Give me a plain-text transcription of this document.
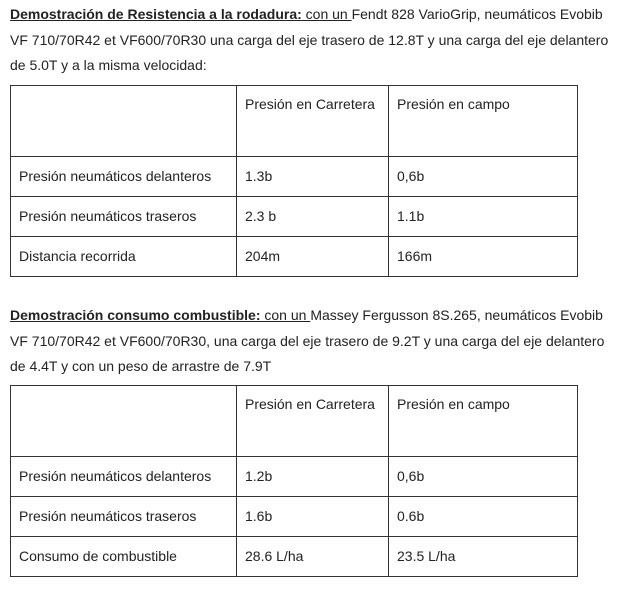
Demostración de Resistencia a la rodadura: con un Fendt 828 VarioGrip, neumáticos Evobib VF 710/70R42 et VF600/70R30 una carga del eje trasero de 12.8T y una carga del eje delantero de 5.0T y a la misma velocidad:

	Presión en Carretera	Presión en campo
Presión neumáticos delanteros	1.3b	0,6b
Presión neumáticos traseros	2.3 b	1.1b
Distancia recorrida	204m	166m

Demostración consumo combustible: con un Massey Fergusson 8S.265, neumáticos Evobib VF 710/70R42 et VF600/70R30, una carga del eje trasero de 9.2T y una carga del eje delantero de 4.4T y con un peso de arrastre de 7.9T

	Presión en Carretera	Presión en campo
Presión neumáticos delanteros	1.2b	0,6b
Presión neumáticos traseros	1.6b	0.6b
Consumo de combustible	28.6 L/ha	23.5 L/ha
